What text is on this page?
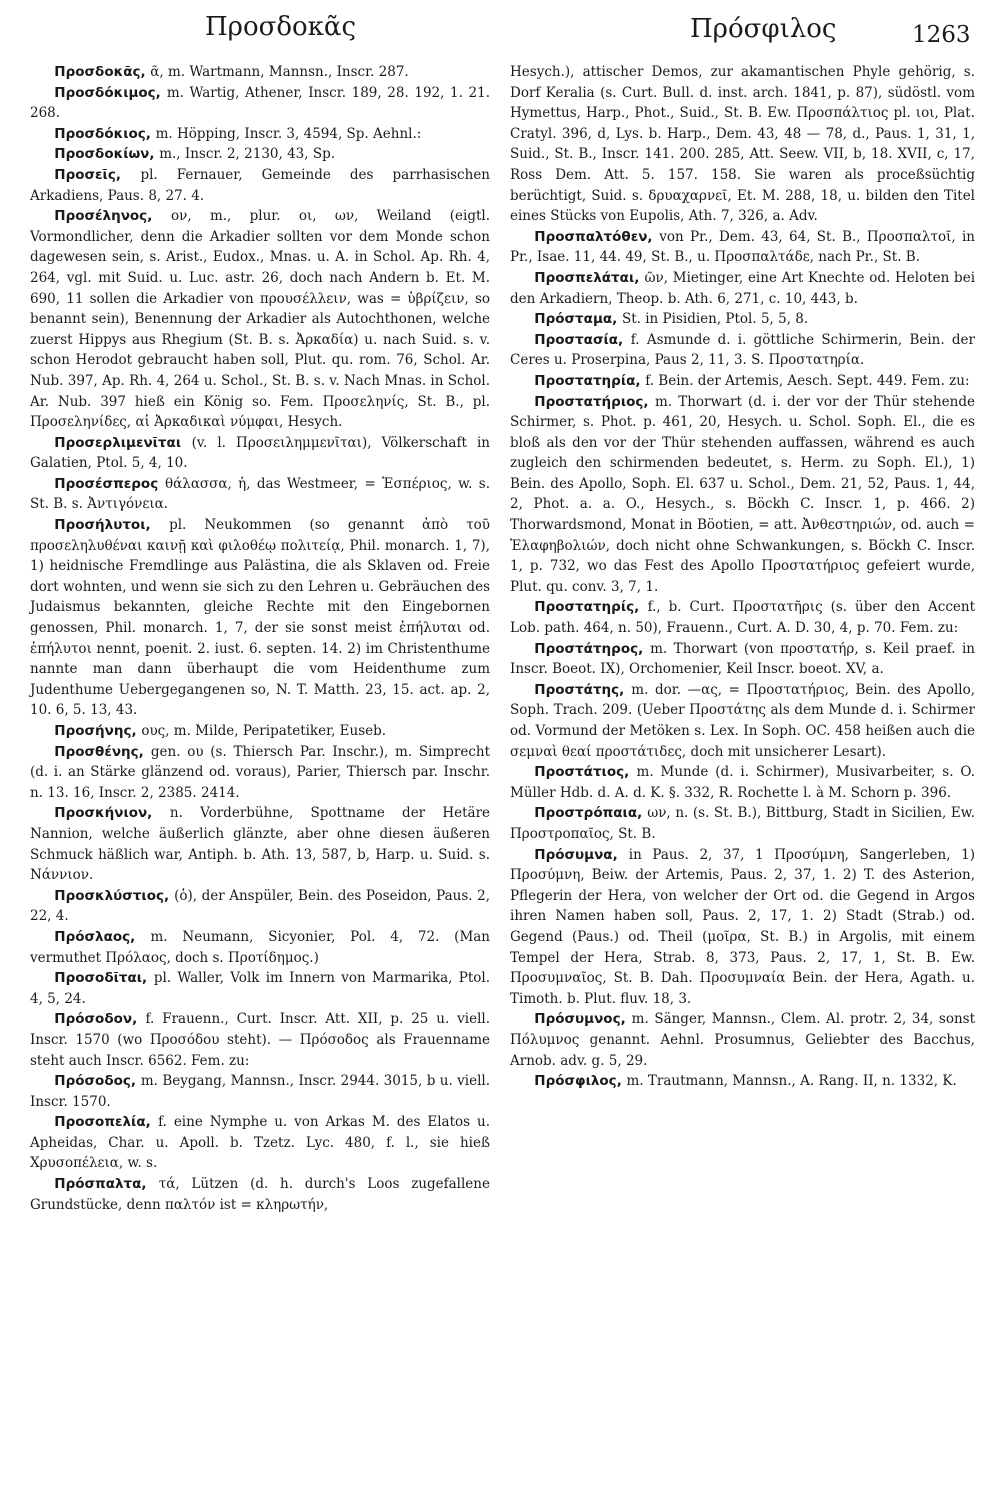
Προσδοκᾶς	Πρόσφιλος	1263

Προσδοκᾶς, ᾶ, m. Wartmann, Mannsn., Inscr. 287.

Προσδόκιμος, m. Wartig, Athener, Inscr. 189, 28. 192, 1. 21. 268.

Προσδόκιος, m. Höpping, Inscr. 3, 4594, Sp. Aehnl.:

Προσδοκίων, m., Inscr. 2, 2130, 43, Sp.

Προσεῖς, pl. Fernauer, Gemeinde des parrhasischen Arkadiens, Paus. 8, 27. 4.

Προσέληνος, ον, m., plur. οι, ων, Weiland (eigtl. Vormondlicher, denn die Arkadier sollten vor dem Monde schon dagewesen sein, s. Arist., Eudox., Mnas. u. A. in Schol. Ap. Rh. 4, 264, vgl. mit Suid. u. Luc. astr. 26, doch nach Andern b. Et. M. 690, 11 sollen die Arkadier von προυσέλλειν, was = ὑβρίζειν, so benannt sein), Benennung der Arkadier als Autochthonen, welche zuerst Hippys aus Rhegium (St. B. s. Ἀρκαδία) u. nach Suid. s. v. schon Herodot gebraucht haben soll, Plut. qu. rom. 76, Schol. Ar. Nub. 397, Ap. Rh. 4, 264 u. Schol., St. B. s. v. Nach Mnas. in Schol. Ar. Nub. 397 hieß ein König so. Fem. Προσεληνίς, St. B., pl. Προσεληνίδες, αἱ Ἀρκαδικαὶ νύμφαι, Hesych.

Προσερλιμενῖται (v. l. Προσειλημμενῖται), Völkerschaft in Galatien, Ptol. 5, 4, 10.

Προσέσπερος θάλασσα, ἡ, das Westmeer, = Ἑσπέριος, w. s. St. B. s. Ἀντιγόνεια.

Προσήλυτοι, pl. Neukommen (so genannt ἀπὸ τοῦ προσεληλυθέναι καινῇ καὶ φιλοθέῳ πολιτείᾳ, Phil. monarch. 1, 7), 1) heidnische Fremdlinge aus Palästina, die als Sklaven od. Freie dort wohnten, und wenn sie sich zu den Lehren u. Gebräuchen des Judaismus bekannten, gleiche Rechte mit den Eingebornen genossen, Phil. monarch. 1, 7, der sie sonst meist ἐπήλυται od. ἐπήλυτοι nennt, poenit. 2. iust. 6. septen. 14. 2) im Christenthume nannte man dann überhaupt die vom Heidenthume zum Judenthume Uebergegangenen so, N. T. Matth. 23, 15. act. ap. 2, 10. 6, 5. 13, 43.

Προσήνης, ους, m. Milde, Peripatetiker, Euseb.

Προσθένης, gen. ου (s. Thiersch Par. Inschr.), m. Simprecht (d. i. an Stärke glänzend od. voraus), Parier, Thiersch par. Inschr. n. 13. 16, Inscr. 2, 2385. 2414.

Προσκήνιον, n. Vorderbühne, Spottname der Hetäre Nannion, welche äußerlich glänzte, aber ohne diesen äußeren Schmuck häßlich war, Antiph. b. Ath. 13, 587, b, Harp. u. Suid. s. Νάννιον.

Προσκλύστιος, (ὁ), der Anspüler, Bein. des Poseidon, Paus. 2, 22, 4.

Πρόσλαος, m. Neumann, Sicyonier, Pol. 4, 72. (Man vermuthet Πρόλαος, doch s. Προτίδημος.)

Προσοδῖται, pl. Waller, Volk im Innern von Marmarika, Ptol. 4, 5, 24.

Πρόσοδον, f. Frauenn., Curt. Inscr. Att. XII, p. 25 u. viell. Inscr. 1570 (wo Προσόδου steht). — Πρόσοδος als Frauenname steht auch Inscr. 6562. Fem. zu:

Πρόσοδος, m. Beygang, Mannsn., Inscr. 2944. 3015, b u. viell. Inscr. 1570.

Προσοπελία, f. eine Nymphe u. von Arkas M. des Elatos u. Apheidas, Char. u. Apoll. b. Tzetz. Lyc. 480, f. l., sie hieß Χρυσοπέλεια, w. s.

Πρόσπαλτα, τά, Lützen (d. h. durch's Loos zugefallene Grundstücke, denn παλτόν ist = κληρωτήν,

Hesych.), attischer Demos, zur akamantischen Phyle gehörig, s. Dorf Keralia (s. Curt. Bull. d. inst. arch. 1841, p. 87), südöstl. vom Hymettus, Harp., Phot., Suid., St. B. Ew. Προσπάλτιος pl. ιοι, Plat. Cratyl. 396, d, Lys. b. Harp., Dem. 43, 48 — 78, d., Paus. 1, 31, 1, Suid., St. B., Inscr. 141. 200. 285, Att. Seew. VII, b, 18. XVII, c, 17, Ross Dem. Att. 5. 157. 158. Sie waren als proceßsüchtig berüchtigt, Suid. s. δρυαχαρνεῖ, Et. M. 288, 18, u. bilden den Titel eines Stücks von Eupolis, Ath. 7, 326, a. Adv.

Προσπαλτόθεν, von Pr., Dem. 43, 64, St. B., Προσπαλτοῖ, in Pr., Isae. 11, 44. 49, St. B., u. Προσπαλτάδε, nach Pr., St. B.

Προσπελάται, ῶν, Mietinger, eine Art Knechte od. Heloten bei den Arkadiern, Theop. b. Ath. 6, 271, c. 10, 443, b.

Πρόσταμα, St. in Pisidien, Ptol. 5, 5, 8.

Προστασία, f. Asmunde d. i. göttliche Schirmerin, Bein. der Ceres u. Proserpina, Paus 2, 11, 3. S. Προστατηρία.

Προστατηρία, f. Bein. der Artemis, Aesch. Sept. 449. Fem. zu:

Προστατήριος, m. Thorwart (d. i. der vor der Thür stehende Schirmer, s. Phot. p. 461, 20, Hesych. u. Schol. Soph. El., die es bloß als den vor der Thür stehenden auffassen, während es auch zugleich den schirmenden bedeutet, s. Herm. zu Soph. El.), 1) Bein. des Apollo, Soph. El. 637 u. Schol., Dem. 21, 52, Paus. 1, 44, 2, Phot. a. a. O., Hesych., s. Böckh C. Inscr. 1, p. 466. 2) Thorwardsmond, Monat in Böotien, = att. Ἀνθεστηριών, od. auch = Ἐλαφηβολιών, doch nicht ohne Schwankungen, s. Böckh C. Inscr. 1, p. 732, wo das Fest des Apollo Προστατήριος gefeiert wurde, Plut. qu. conv. 3, 7, 1.

Προστατηρίς, f., b. Curt. Προστατῆρις (s. über den Accent Lob. path. 464, n. 50), Frauenn., Curt. A. D. 30, 4, p. 70. Fem. zu:

Προστάτηρος, m. Thorwart (von προστατήρ, s. Keil praef. in Inscr. Boeot. IX), Orchomenier, Keil Inscr. boeot. XV, a.

Προστάτης, m. dor. —ας, = Προστατήριος, Bein. des Apollo, Soph. Trach. 209. (Ueber Προστάτης als dem Munde d. i. Schirmer od. Vormund der Metöken s. Lex. In Soph. OC. 458 heißen auch die σεμναὶ θεαί προστάτιδες, doch mit unsicherer Lesart).

Προστάτιος, m. Munde (d. i. Schirmer), Musivarbeiter, s. O. Müller Hdb. d. A. d. K. §. 332, R. Rochette l. à M. Schorn p. 396.

Προστρόπαια, ων, n. (s. St. B.), Bittburg, Stadt in Sicilien, Ew. Προστροπαῖος, St. B.

Πρόσυμνα, in Paus. 2, 37, 1 Προσύμνη, Sangerleben, 1) Προσύμνη, Beiw. der Artemis, Paus. 2, 37, 1. 2) T. des Asterion, Pflegerin der Hera, von welcher der Ort od. die Gegend in Argos ihren Namen haben soll, Paus. 2, 17, 1. 2) Stadt (Strab.) od. Gegend (Paus.) od. Theil (μοῖρα, St. B.) in Argolis, mit einem Tempel der Hera, Strab. 8, 373, Paus. 2, 17, 1, St. B. Ew. Προσυμναῖος, St. B. Dah. Προσυμναία Bein. der Hera, Agath. u. Timoth. b. Plut. fluv. 18, 3.

Πρόσυμνος, m. Sänger, Mannsn., Clem. Al. protr. 2, 34, sonst Πόλυμνος genannt. Aehnl. Prosumnus, Geliebter des Bacchus, Arnob. adv. g. 5, 29.

Πρόσφιλος, m. Trautmann, Mannsn., A. Rang. II, n. 1332, K.
